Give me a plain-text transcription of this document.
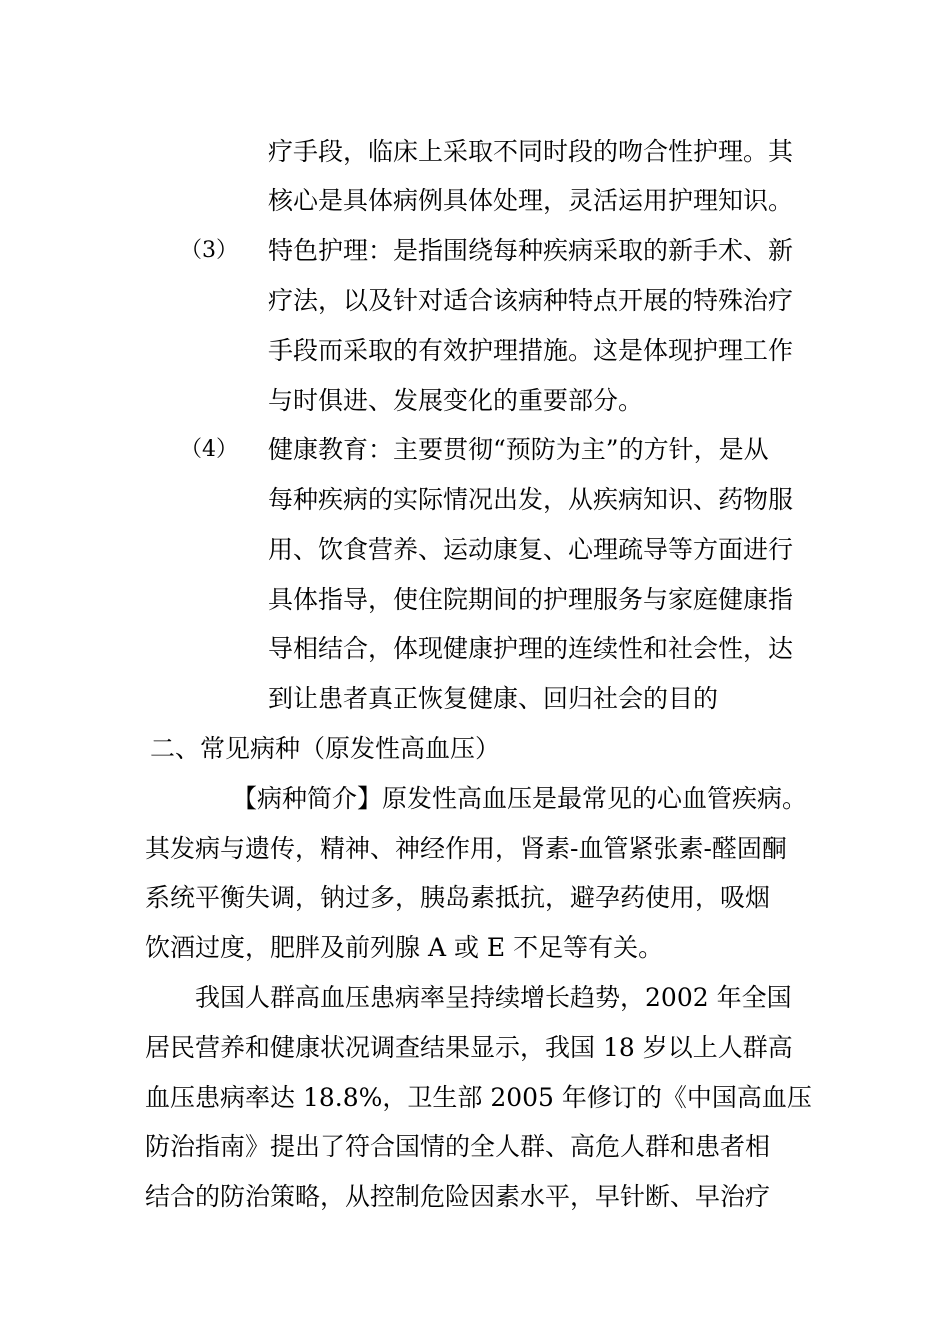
疗手段，临床上采取不同时段的吻合性护理。其
核心是具体病例具体处理，灵活运用护理知识。
（3） 特色护理：是指围绕每种疾病采取的新手术、新
疗法，以及针对适合该病种特点开展的特殊治疗
手段而采取的有效护理措施。这是体现护理工作
与时俱进、发展变化的重要部分。
（4） 健康教育：主要贯彻“预防为主”的方针，是从
每种疾病的实际情况出发，从疾病知识、药物服
用、饮食营养、运动康复、心理疏导等方面进行
具体指导，使住院期间的护理服务与家庭健康指
导相结合，体现健康护理的连续性和社会性，达
到让患者真正恢复健康、回归社会的目的
二、常见病种（原发性高血压）
【病种简介】原发性高血压是最常见的心血管疾病。
其发病与遗传，精神、神经作用，肾素-血管紧张素-醛固酮
系统平衡失调，钠过多，胰岛素抵抗，避孕药使用，吸烟
饮酒过度，肥胖及前列腺 A 或 E 不足等有关。
我国人群高血压患病率呈持续增长趋势，2002 年全国
居民营养和健康状况调查结果显示，我国 18 岁以上人群高
血压患病率达 18.8%，卫生部 2005 年修订的《中国高血压
防治指南》提出了符合国情的全人群、高危人群和患者相
结合的防治策略，从控制危险因素水平，早针断、早治疗
